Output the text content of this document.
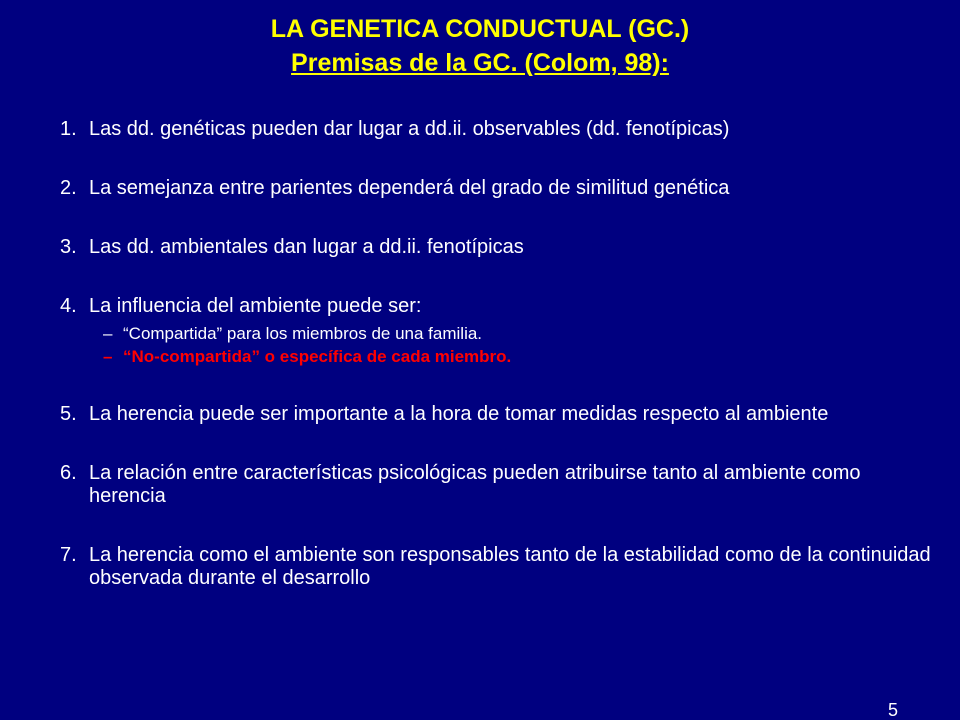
LA GENETICA CONDUCTUAL (GC.)
Premisas de la GC. (Colom, 98):
1. Las dd. genéticas pueden dar lugar a dd.ii. observables (dd. fenotípicas)
2. La semejanza entre parientes dependerá del grado de similitud genética
3. Las dd. ambientales dan lugar a dd.ii. fenotípicas
4. La influencia del ambiente puede ser:
– “Compartida” para los miembros de una familia.
– “No-compartida” o específica de cada miembro.
5. La herencia puede ser importante a la hora de tomar medidas respecto al ambiente
6. La relación entre características psicológicas pueden atribuirse tanto al ambiente como herencia
7. La herencia como el ambiente son responsables tanto de la estabilidad como de la continuidad observada durante el desarrollo
5
